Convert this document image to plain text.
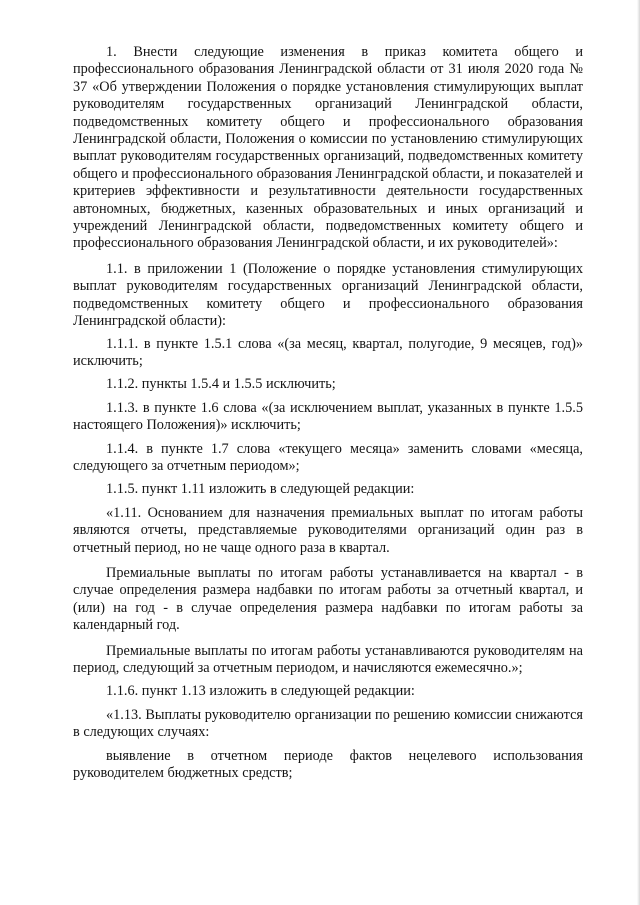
1. Внести следующие изменения в приказ комитета общего и профессионального образования Ленинградской области от 31 июля 2020 года № 37 «Об утверждении Положения о порядке установления стимулирующих выплат руководителям государственных организаций Ленинградской области, подведомственных комитету общего и профессионального образования Ленинградской области, Положения о комиссии по установлению стимулирующих выплат руководителям государственных организаций, подведомственных комитету общего и профессионального образования Ленинградской области, и показателей и критериев эффективности и результативности деятельности государственных автономных, бюджетных, казенных образовательных и иных организаций и учреждений Ленинградской области, подведомственных комитету общего и профессионального образования Ленинградской области, и их руководителей»:

1.1. в приложении 1 (Положение о порядке установления стимулирующих выплат руководителям государственных организаций Ленинградской области, подведомственных комитету общего и профессионального образования Ленинградской области):

1.1.1. в пункте 1.5.1 слова «(за месяц, квартал, полугодие, 9 месяцев, год)» исключить;

1.1.2. пункты 1.5.4 и 1.5.5 исключить;

1.1.3. в пункте 1.6 слова «(за исключением выплат, указанных в пункте 1.5.5 настоящего Положения)» исключить;

1.1.4. в пункте 1.7 слова «текущего месяца» заменить словами «месяца, следующего за отчетным периодом»;

1.1.5. пункт 1.11 изложить в следующей редакции:

«1.11. Основанием для назначения премиальных выплат по итогам работы являются отчеты, представляемые руководителями организаций один раз в отчетный период, но не чаще одного раза в квартал.

Премиальные выплаты по итогам работы устанавливается на квартал - в случае определения размера надбавки по итогам работы за отчетный квартал, и (или) на год - в случае определения размера надбавки по итогам работы за календарный год.

Премиальные выплаты по итогам работы устанавливаются руководителям на период, следующий за отчетным периодом, и начисляются ежемесячно.»;

1.1.6. пункт 1.13 изложить в следующей редакции:

«1.13. Выплаты руководителю организации по решению комиссии снижаются в следующих случаях:

выявление в отчетном периоде фактов нецелевого использования руководителем бюджетных средств;
